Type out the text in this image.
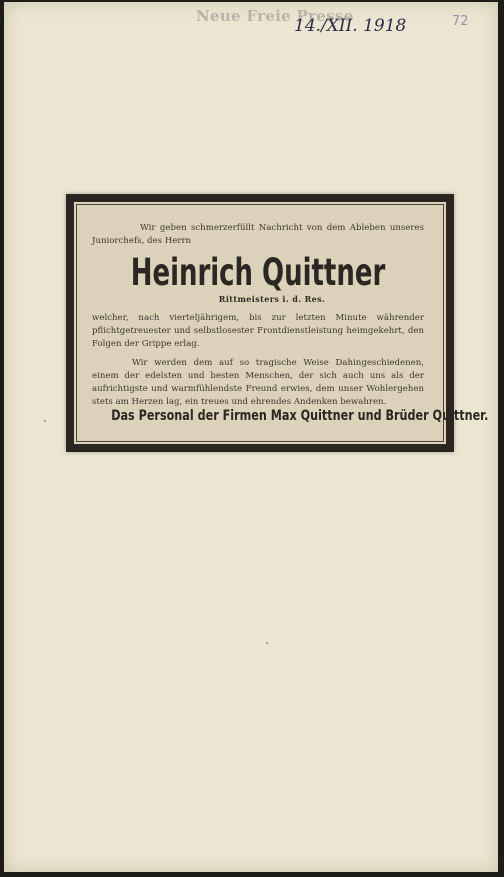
Neue Freie Presse
14./XII. 1918	72

Wir geben schmerzerfüllt Nachricht von dem Ableben unseres Juniorchefs, des Herrn

Heinrich Quittner
Rittmeisters i. d. Res.

welcher, nach vierteljährigem, bis zur letzten Minute währender pflichtgetreuester und selbstlosester Frontdienstleistung heimgekehrt, den Folgen der Grippe erlag.

Wir werden dem auf so tragische Weise Dahingeschiedenen, einem der edelsten und besten Menschen, der sich auch uns als der aufrichtigste und warmfühlendste Freund erwies, dem unser Wohlergehen stets am Herzen lag, ein treues und ehrendes Andenken bewahren.

Das Personal der Firmen Max Quittner und Brüder Quittner.
